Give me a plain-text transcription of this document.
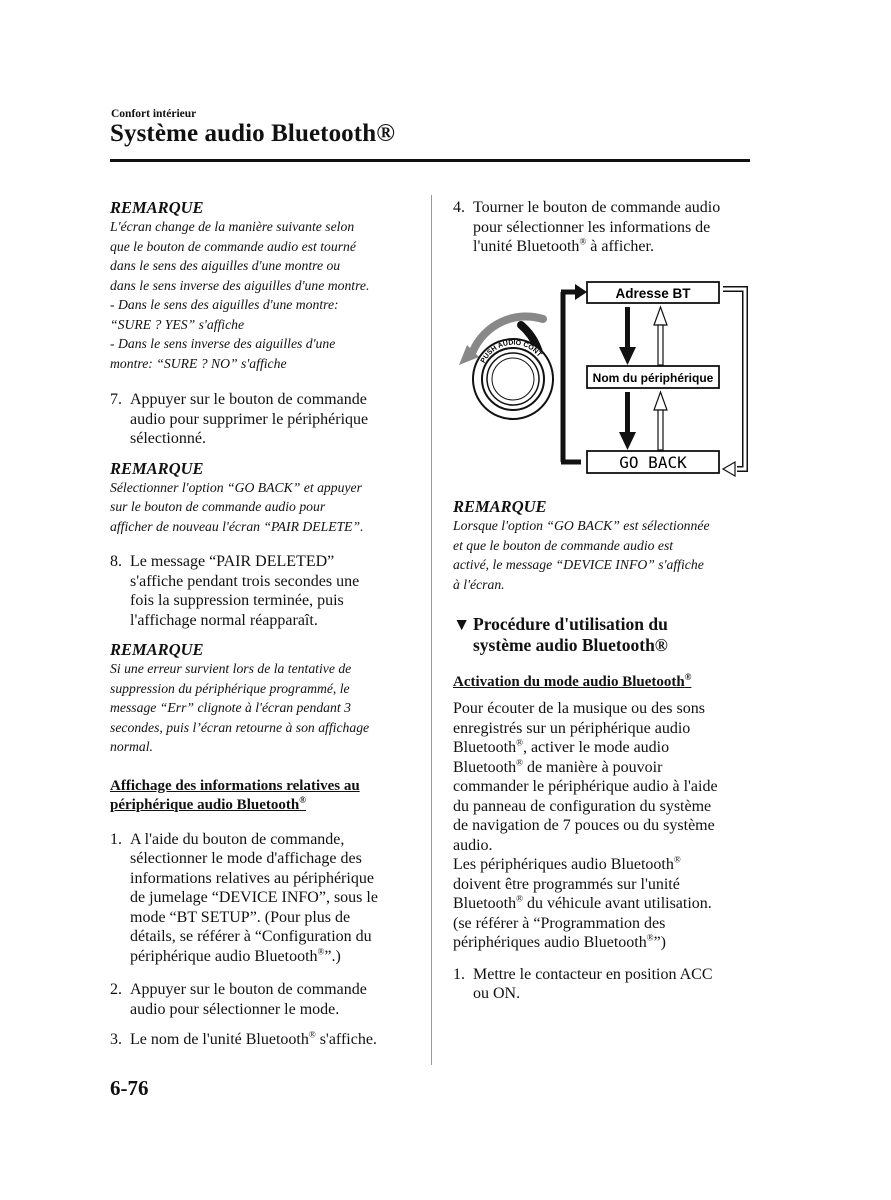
Confort intérieur
Système audio Bluetooth®
REMARQUE
L'écran change de la manière suivante selon
que le bouton de commande audio est tourné
dans le sens des aiguilles d'une montre ou
dans le sens inverse des aiguilles d'une montre.
- Dans le sens des aiguilles d'une montre:
“SURE ? YES” s'affiche
- Dans le sens inverse des aiguilles d'une
montre: “SURE ? NO” s'affiche
7. Appuyer sur le bouton de commande
audio pour supprimer le périphérique
sélectionné.
REMARQUE
Sélectionner l'option “GO BACK” et appuyer
sur le bouton de commande audio pour
afficher de nouveau l'écran “PAIR DELETE”.
8. Le message “PAIR DELETED”
s'affiche pendant trois secondes une
fois la suppression terminée, puis
l'affichage normal réapparaît.
REMARQUE
Si une erreur survient lors de la tentative de
suppression du périphérique programmé, le
message “Err” clignote à l'écran pendant 3
secondes, puis l’écran retourne à son affichage
normal.
Affichage des informations relatives au
périphérique audio Bluetooth®
1. A l'aide du bouton de commande,
sélectionner le mode d'affichage des
informations relatives au périphérique
de jumelage “DEVICE INFO”, sous le
mode “BT SETUP”. (Pour plus de
détails, se référer à “Configuration du
périphérique audio Bluetooth®”.)
2. Appuyer sur le bouton de commande
audio pour sélectionner le mode.
3. Le nom de l'unité Bluetooth® s'affiche.
4. Tourner le bouton de commande audio
pour sélectionner les informations de
l'unité Bluetooth® à afficher.
PUSH AUDIO CONT
Adresse BT
Nom du périphérique
GO BACK
REMARQUE
Lorsque l'option “GO BACK” est sélectionnée
et que le bouton de commande audio est
activé, le message “DEVICE INFO” s'affiche
à l'écran.
▼ Procédure d'utilisation du
système audio Bluetooth®
Activation du mode audio Bluetooth®
Pour écouter de la musique ou des sons
enregistrés sur un périphérique audio
Bluetooth®, activer le mode audio
Bluetooth® de manière à pouvoir
commander le périphérique audio à l'aide
du panneau de configuration du système
de navigation de 7 pouces ou du système
audio.
Les périphériques audio Bluetooth®
doivent être programmés sur l'unité
Bluetooth® du véhicule avant utilisation.
(se référer à “Programmation des
périphériques audio Bluetooth®”)
1. Mettre le contacteur en position ACC
ou ON.
6-76
